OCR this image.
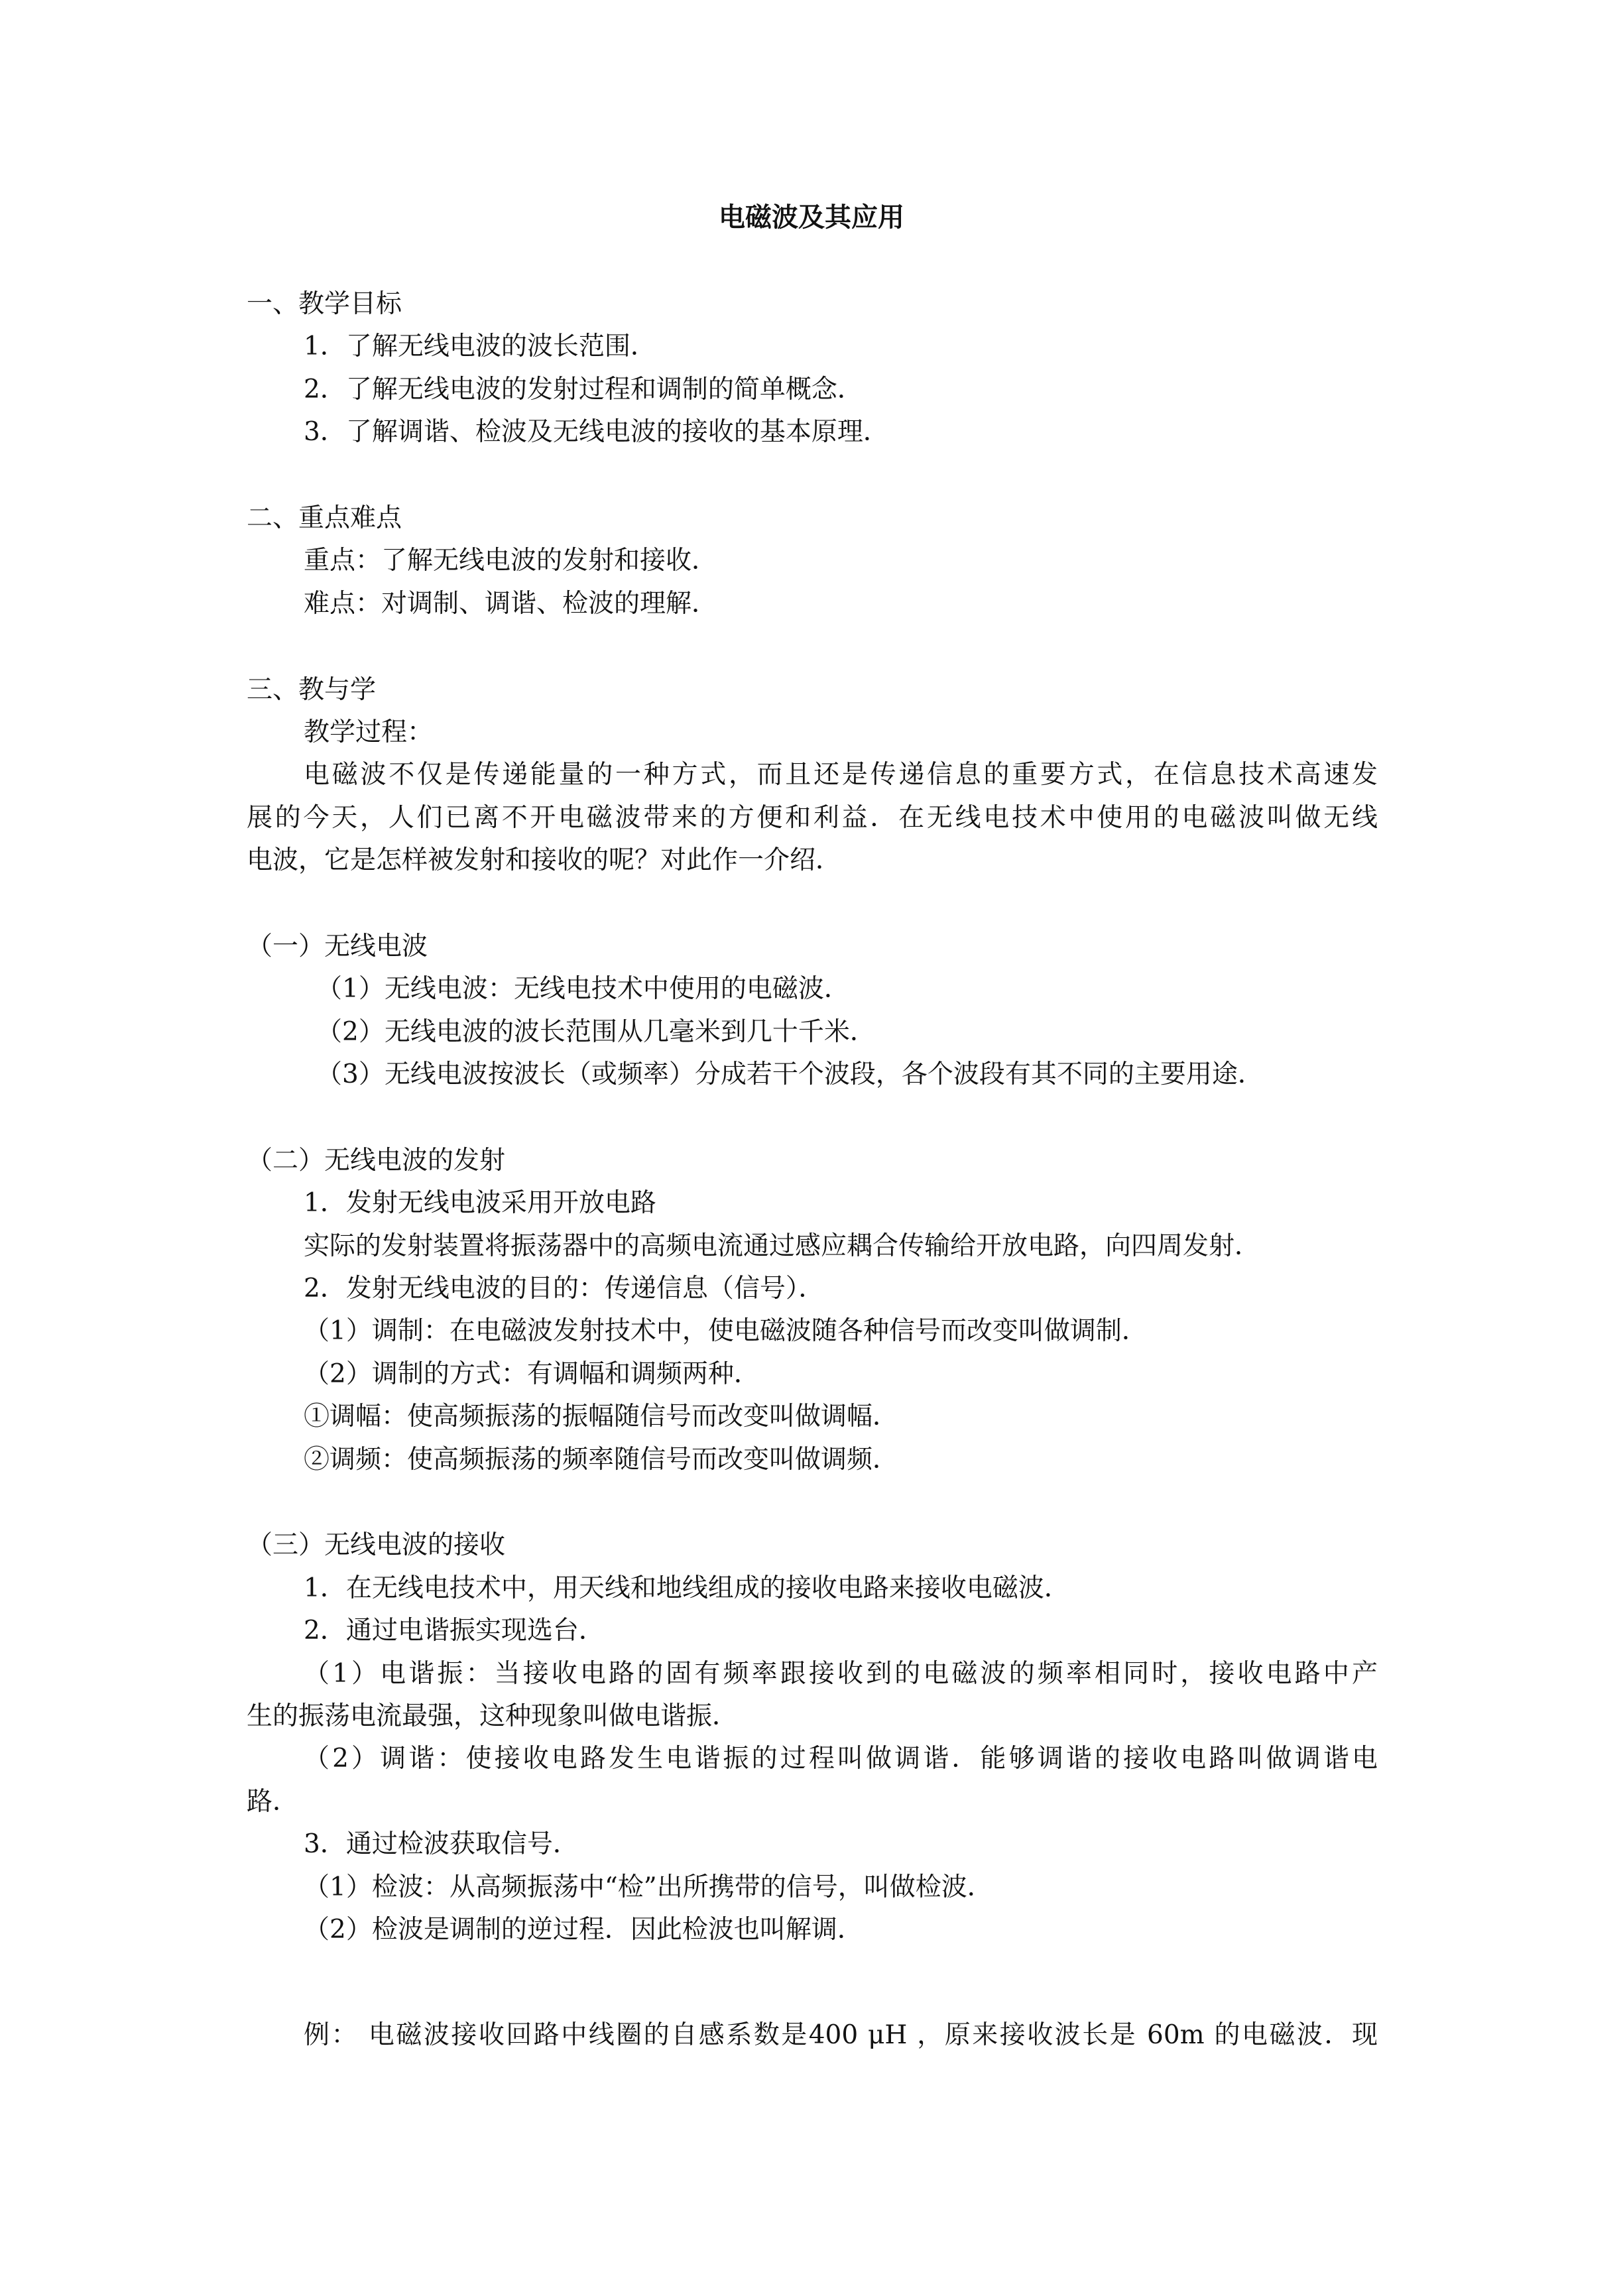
电磁波及其应用

一、教学目标

1．了解无线电波的波长范围．

2．了解无线电波的发射过程和调制的简单概念．

3．了解调谐、检波及无线电波的接收的基本原理．

二、重点难点

重点：了解无线电波的发射和接收．

难点：对调制、调谐、检波的理解．

三、教与学

教学过程：

电磁波不仅是传递能量的一种方式，而且还是传递信息的重要方式，在信息技术高速发

展的今天，人们已离不开电磁波带来的方便和利益．在无线电技术中使用的电磁波叫做无线

电波，它是怎样被发射和接收的呢？对此作一介绍．

（一）无线电波

（1）无线电波：无线电技术中使用的电磁波．

（2）无线电波的波长范围从几毫米到几十千米．

（3）无线电波按波长（或频率）分成若干个波段，各个波段有其不同的主要用途．

（二）无线电波的发射

1．发射无线电波采用开放电路

实际的发射装置将振荡器中的高频电流通过感应耦合传输给开放电路，向四周发射．

2．发射无线电波的目的：传递信息（信号）．

（1）调制：在电磁波发射技术中，使电磁波随各种信号而改变叫做调制．

（2）调制的方式：有调幅和调频两种．

①调幅：使高频振荡的振幅随信号而改变叫做调幅．

②调频：使高频振荡的频率随信号而改变叫做调频．

（三）无线电波的接收

1．在无线电技术中，用天线和地线组成的接收电路来接收电磁波．

2．通过电谐振实现选台．

（1）电谐振：当接收电路的固有频率跟接收到的电磁波的频率相同时，接收电路中产

生的振荡电流最强，这种现象叫做电谐振．

（2）调谐：使接收电路发生电谐振的过程叫做调谐．能够调谐的接收电路叫做调谐电

路．

3．通过检波获取信号．

（1）检波：从高频振荡中“检”出所携带的信号，叫做检波．

（2）检波是调制的逆过程．因此检波也叫解调．

例： 电磁波接收回路中线圈的自感系数是400 μH ，原来接收波长是 60m 的电磁波．现
